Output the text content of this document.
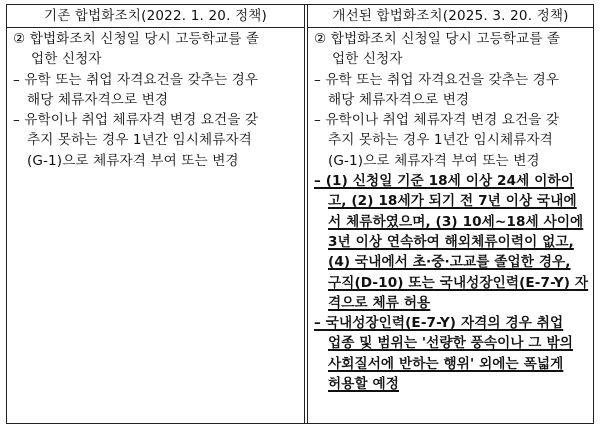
기존 합법화조치(2022. 1. 20. 정책)
② 합법화조치 신청일 당시 고등학교를 졸
업한 신청자
– 유학 또는 취업 자격요건을 갖추는 경우
해당 체류자격으로 변경
– 유학이나 취업 체류자격 변경 요건을 갖
추지 못하는 경우 1년간 임시체류자격
(G-1)으로 체류자격 부여 또는 변경
개선된 합법화조치(2025. 3. 20. 정책)
② 합법화조치 신청일 당시 고등학교를 졸
업한 신청자
– 유학 또는 취업 자격요건을 갖추는 경우
해당 체류자격으로 변경
– 유학이나 취업 체류자격 변경 요건을 갖
추지 못하는 경우 1년간 임시체류자격
(G-1)으로 체류자격 부여 또는 변경
– (1) 신청일 기준 18세 이상 24세 이하이
고, (2) 18세가 되기 전 7년 이상 국내에
서 체류하였으며, (3) 10세~18세 사이에
3년 이상 연속하여 해외체류이력이 없고,
(4) 국내에서 초·중·고교를 졸업한 경우,
구직(D-10) 또는 국내성장인력(E-7-Y) 자
격으로 체류 허용
– 국내성장인력(E-7-Y) 자격의 경우 취업
업종 및 범위는 '선량한 풍속이나 그 밖의
사회질서에 반하는 행위' 외에는 폭넓게
허용할 예정
